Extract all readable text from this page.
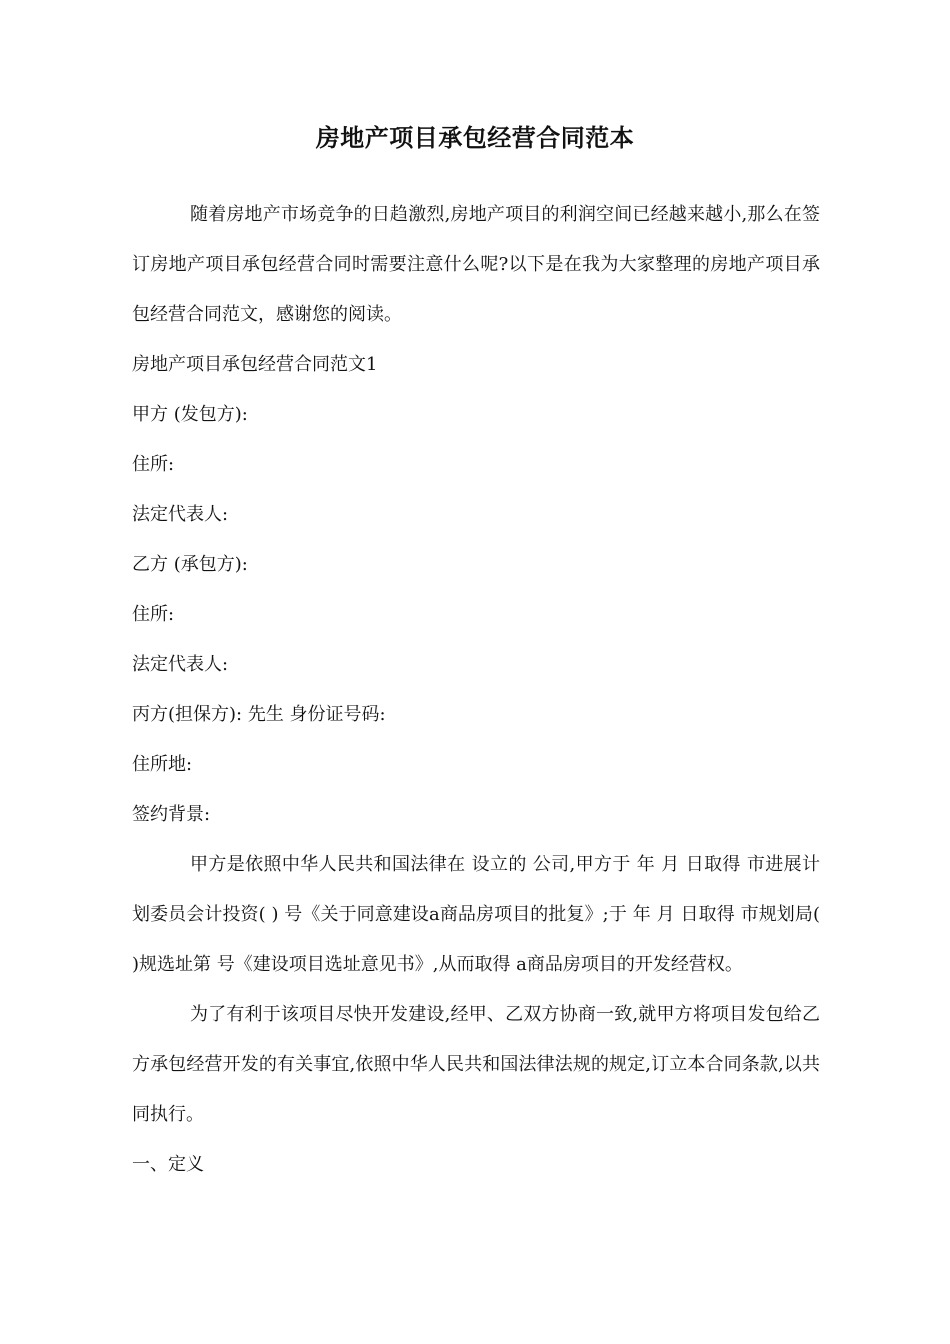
房地产项目承包经营合同范本

随着房地产市场竞争的日趋激烈,房地产项目的利润空间已经越来越小,那么在签订房地产项目承包经营合同时需要注意什么呢?以下是在我为大家整理的房地产项目承包经营合同范文，感谢您的阅读。

房地产项目承包经营合同范文1

甲方 (发包方):

住所:

法定代表人:

乙方 (承包方):

住所:

法定代表人:

丙方(担保方): 先生 身份证号码:

住所地:

签约背景:

甲方是依照中华人民共和国法律在 设立的 公司,甲方于 年 月 日取得 市进展计划委员会计投资( ) 号《关于同意建设a商品房项目的批复》;于 年 月 日取得 市规划局( )规选址第 号《建设项目选址意见书》,从而取得 a商品房项目的开发经营权。

为了有利于该项目尽快开发建设,经甲、乙双方协商一致,就甲方将项目发包给乙方承包经营开发的有关事宜,依照中华人民共和国法律法规的规定,订立本合同条款,以共同执行。

一、定义
